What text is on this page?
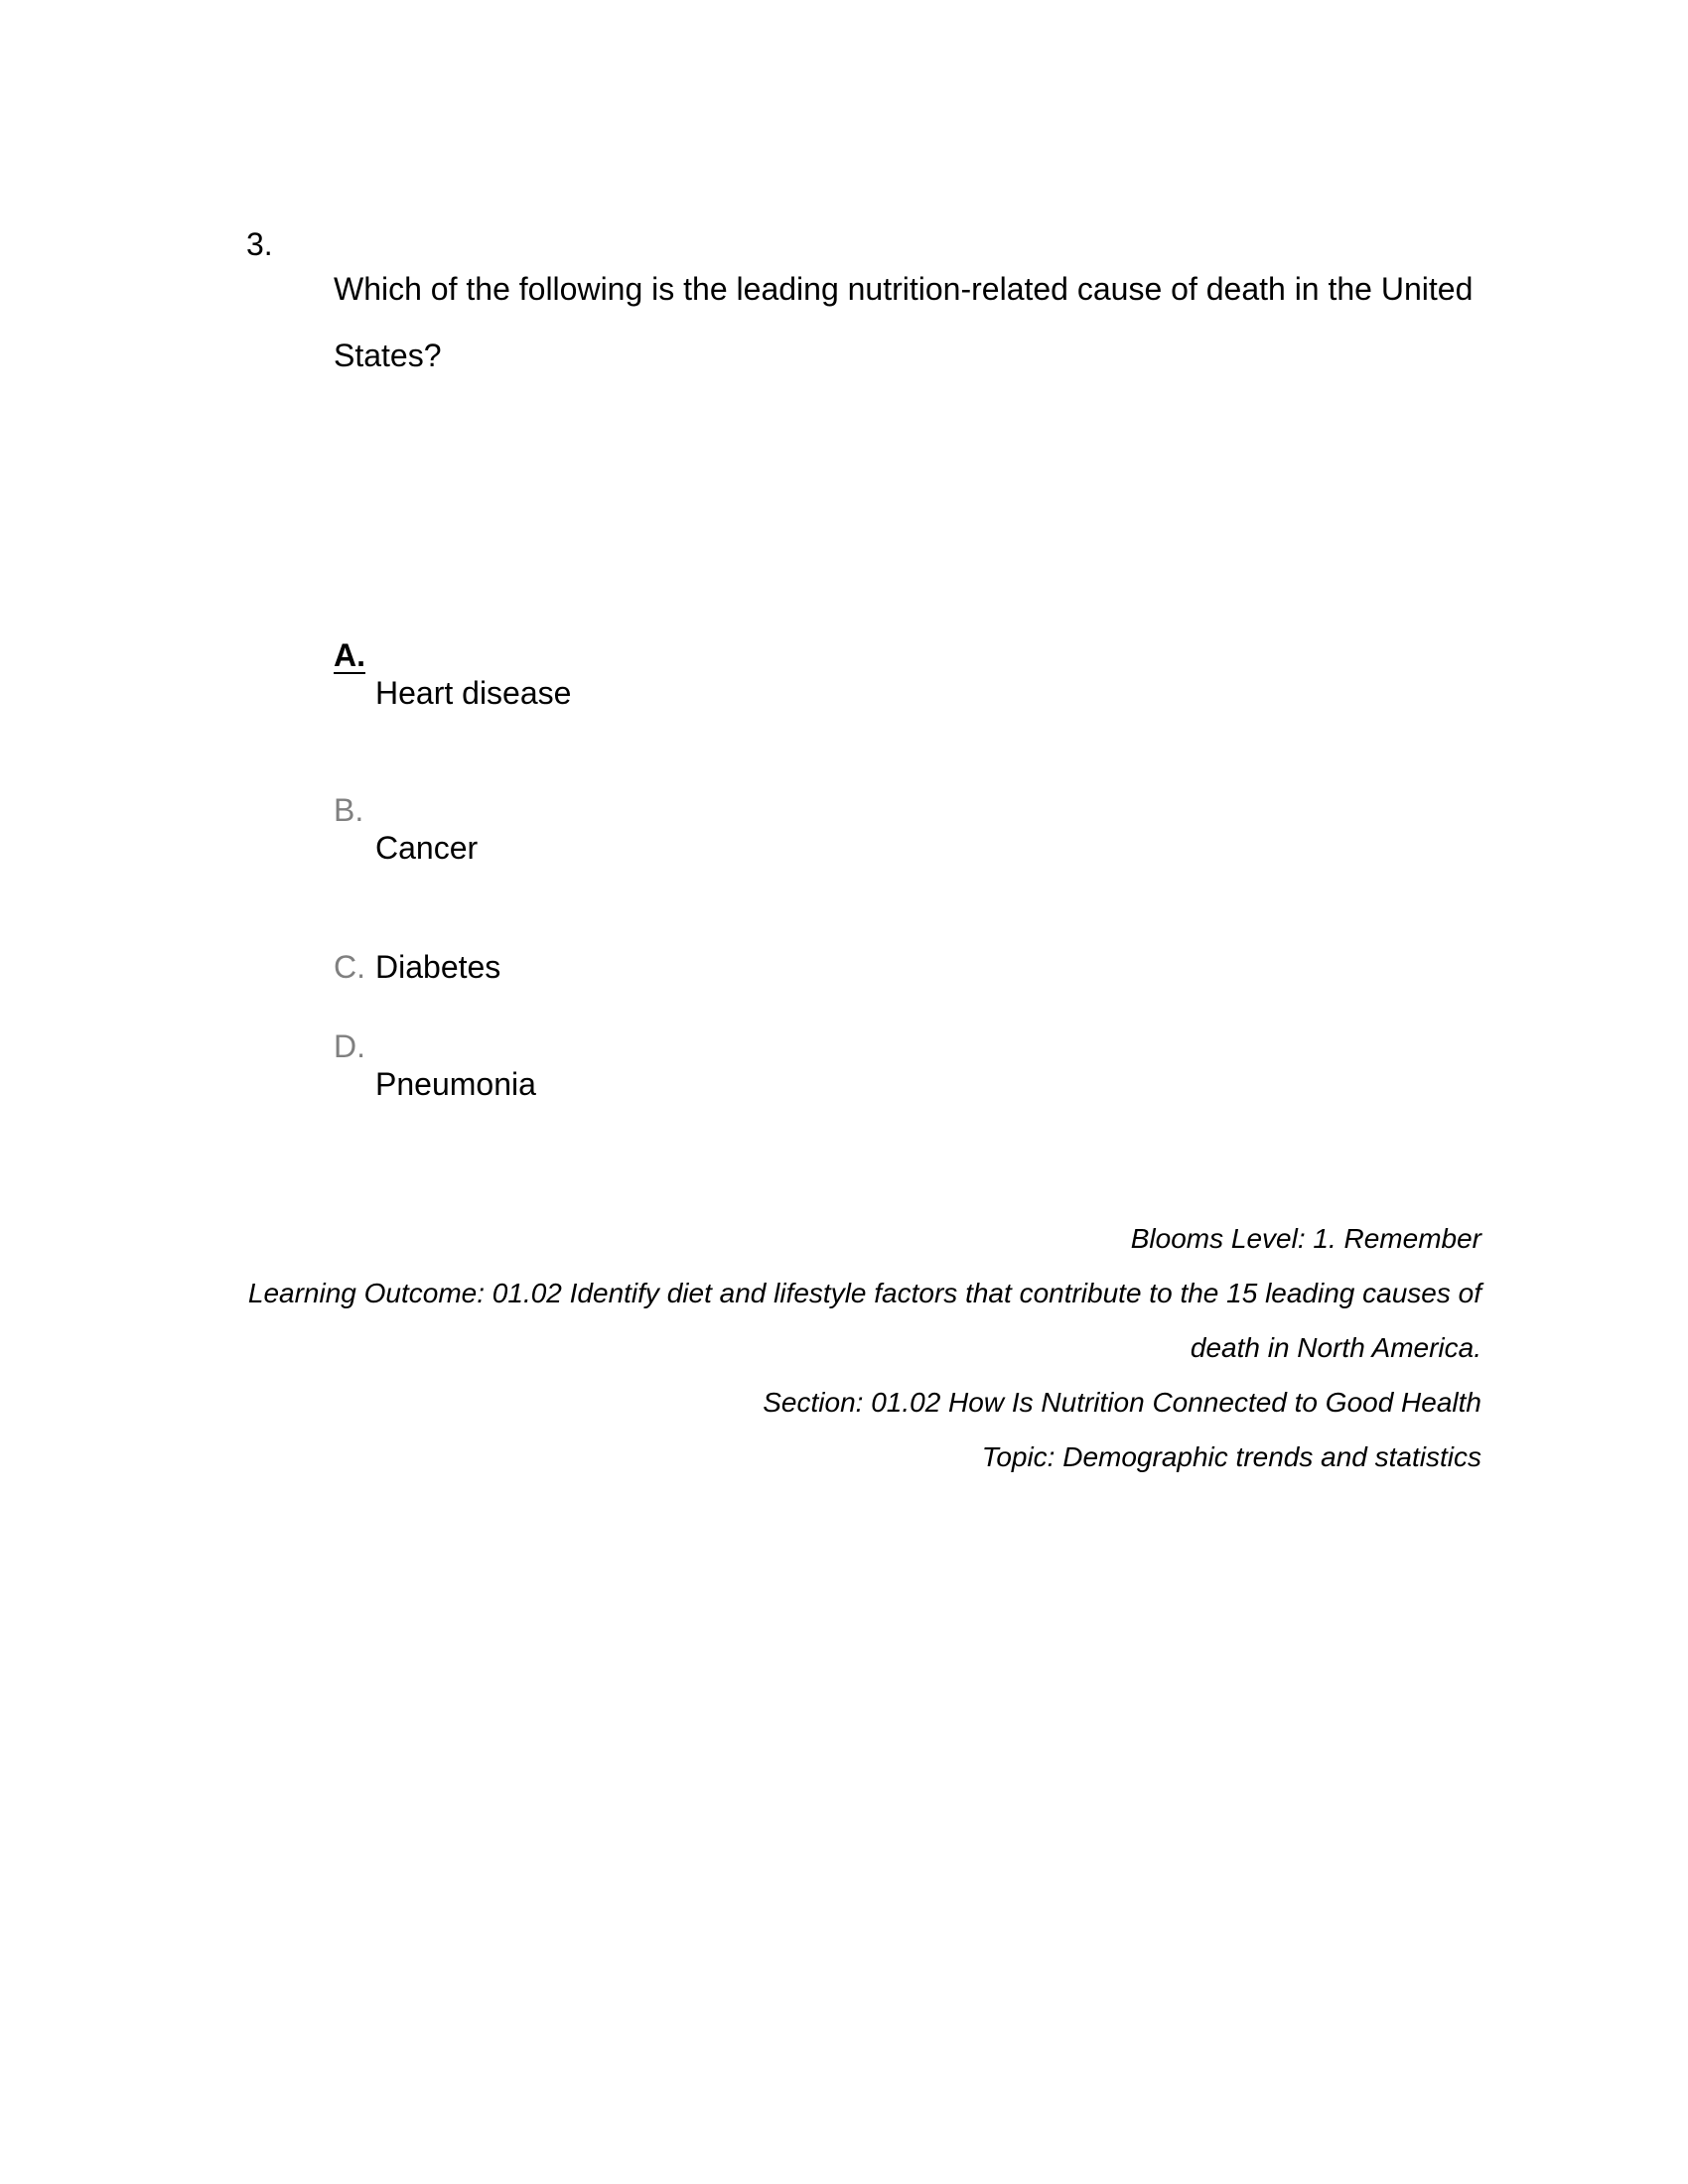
3.
Which of the following is the leading nutrition-related cause of death in the United States?
A.
Heart disease
B.
Cancer
C. Diabetes
D.
Pneumonia
Blooms Level: 1. Remember
Learning Outcome: 01.02 Identify diet and lifestyle factors that contribute to the 15 leading causes of
death in North America.
Section: 01.02 How Is Nutrition Connected to Good Health
Topic: Demographic trends and statistics
